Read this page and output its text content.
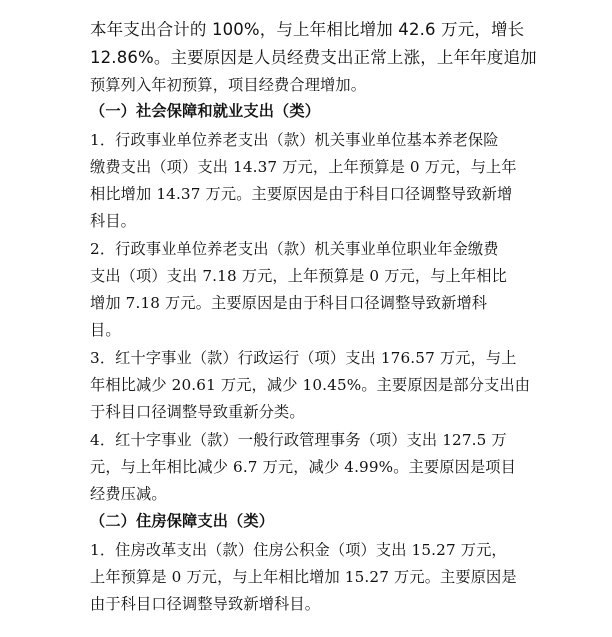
本年支出合计的 100%，与上年相比增加 42.6 万元，增长
12.86%。主要原因是人员经费支出正常上涨，上年年度追加
预算列入年初预算，项目经费合理增加。
（一）社会保障和就业支出（类）
1．行政事业单位养老支出（款）机关事业单位基本养老保险
缴费支出（项）支出 14.37 万元，上年预算是 0 万元，与上年
相比增加 14.37 万元。主要原因是由于科目口径调整导致新增
科目。
2．行政事业单位养老支出（款）机关事业单位职业年金缴费
支出（项）支出 7.18 万元，上年预算是 0 万元，与上年相比
增加 7.18 万元。主要原因是由于科目口径调整导致新增科
目。
3．红十字事业（款）行政运行（项）支出 176.57 万元，与上
年相比减少 20.61 万元，减少 10.45%。主要原因是部分支出由
于科目口径调整导致重新分类。
4．红十字事业（款）一般行政管理事务（项）支出 127.5 万
元，与上年相比减少 6.7 万元，减少 4.99%。主要原因是项目
经费压减。
（二）住房保障支出（类）
1．住房改革支出（款）住房公积金（项）支出 15.27 万元，
上年预算是 0 万元，与上年相比增加 15.27 万元。主要原因是
由于科目口径调整导致新增科目。
